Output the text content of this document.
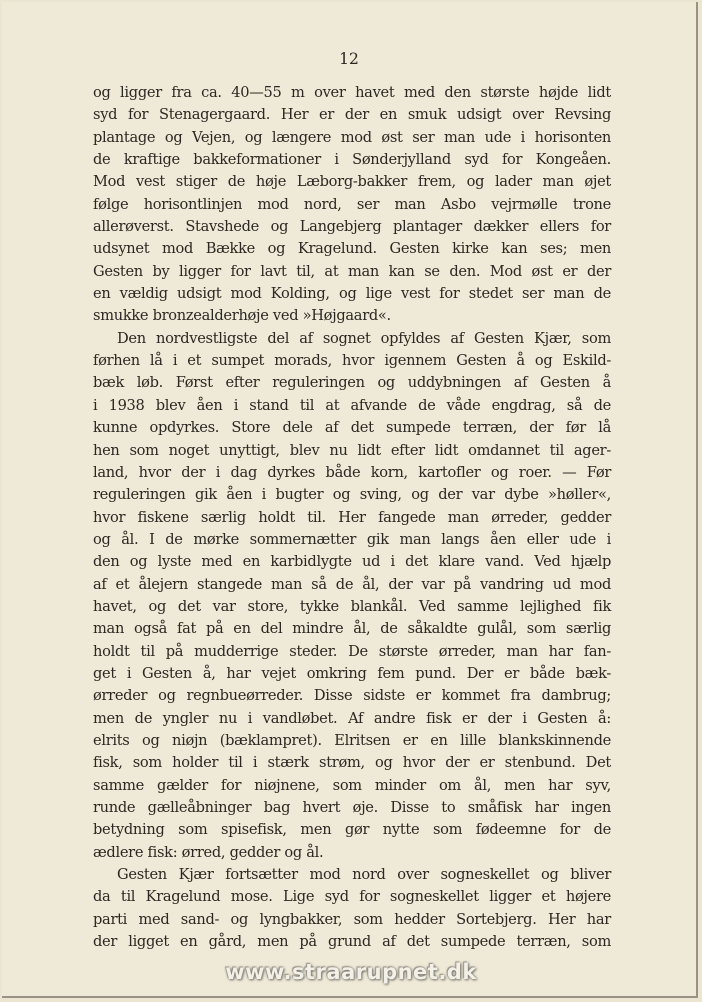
12
og ligger fra ca. 40—55 m over havet med den største højde lidt
syd for Stenagergaard. Her er der en smuk udsigt over Revsing
plantage og Vejen, og længere mod øst ser man ude i horisonten
de kraftige bakkeformationer i Sønderjylland syd for Kongeåen.
Mod vest stiger de høje Læborg-bakker frem, og lader man øjet
følge horisontlinjen mod nord, ser man Asbo vejrmølle trone
allerøverst. Stavshede og Langebjerg plantager dækker ellers for
udsynet mod Bække og Kragelund. Gesten kirke kan ses; men
Gesten by ligger for lavt til, at man kan se den. Mod øst er der
en vældig udsigt mod Kolding, og lige vest for stedet ser man de
smukke bronzealderhøje ved »Højgaard«.
Den nordvestligste del af sognet opfyldes af Gesten Kjær, som
førhen lå i et sumpet morads, hvor igennem Gesten å og Eskild-
bæk løb. Først efter reguleringen og uddybningen af Gesten å
i 1938 blev åen i stand til at afvande de våde engdrag, så de
kunne opdyrkes. Store dele af det sumpede terræn, der før lå
hen som noget unyttigt, blev nu lidt efter lidt omdannet til ager-
land, hvor der i dag dyrkes både korn, kartofler og roer. — Før
reguleringen gik åen i bugter og sving, og der var dybe »høller«,
hvor fiskene særlig holdt til. Her fangede man ørreder, gedder
og ål. I de mørke sommernætter gik man langs åen eller ude i
den og lyste med en karbidlygte ud i det klare vand. Ved hjælp
af et ålejern stangede man så de ål, der var på vandring ud mod
havet, og det var store, tykke blankål. Ved samme lejlighed fik
man også fat på en del mindre ål, de såkaldte gulål, som særlig
holdt til på mudderrige steder. De største ørreder, man har fan-
get i Gesten å, har vejet omkring fem pund. Der er både bæk-
ørreder og regnbueørreder. Disse sidste er kommet fra dambrug;
men de yngler nu i vandløbet. Af andre fisk er der i Gesten å:
elrits og niøjn (bæklampret). Elritsen er en lille blankskinnende
fisk, som holder til i stærk strøm, og hvor der er stenbund. Det
samme gælder for niøjnene, som minder om ål, men har syv,
runde gælleåbninger bag hvert øje. Disse to småfisk har ingen
betydning som spisefisk, men gør nytte som fødeemne for de
ædlere fisk: ørred, gedder og ål.
Gesten Kjær fortsætter mod nord over sogneskellet og bliver
da til Kragelund mose. Lige syd for sogneskellet ligger et højere
parti med sand- og lyngbakker, som hedder Sortebjerg. Her har
der ligget en gård, men på grund af det sumpede terræn, som
www.straarupnet.dk
